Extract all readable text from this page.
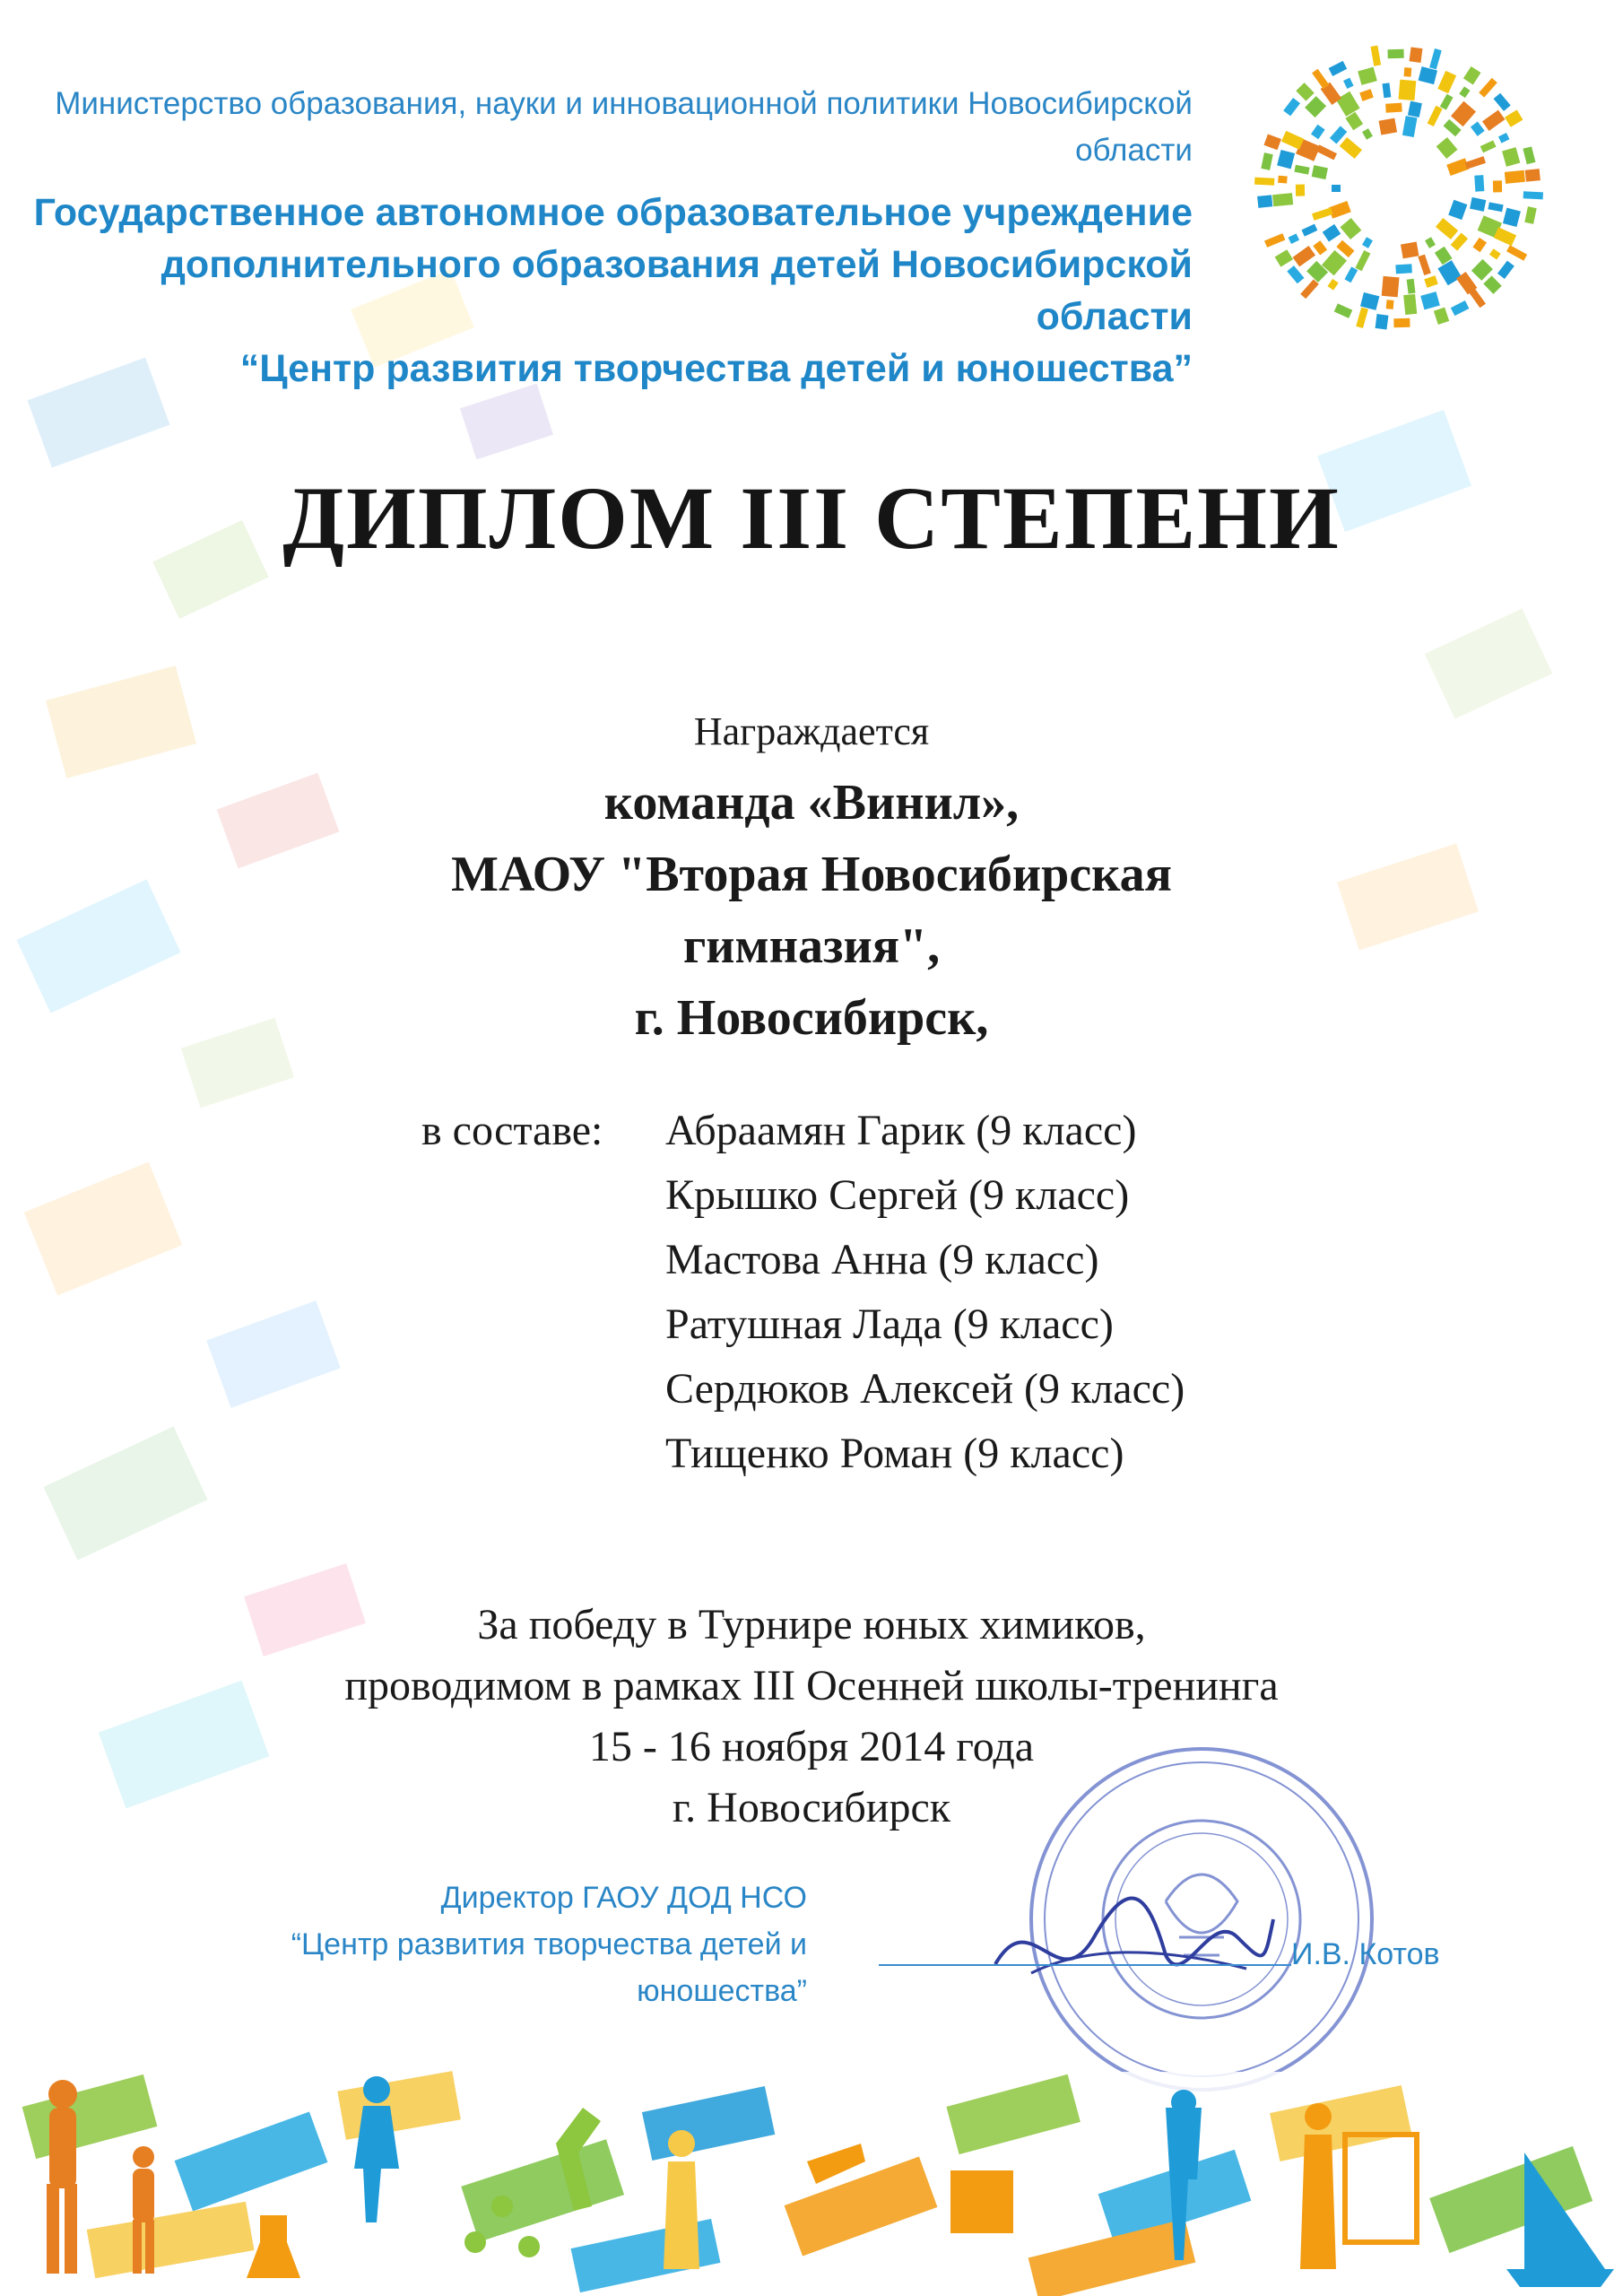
Министерство образования, науки и инновационной политики Новосибирской области
Государственное автономное образовательное учреждение
дополнительного образования детей Новосибирской области
“Центр развития творчества детей и юношества”
ДИПЛОМ III СТЕПЕНИ
Награждается
команда «Винил»,
МАОУ "Вторая Новосибирская
гимназия",
г. Новосибирск,
в составе:	Абраамян Гарик (9 класс)
Крышко Сергей (9 класс)
Мастова Анна (9 класс)
Ратушная Лада (9 класс)
Сердюков Алексей (9 класс)
Тищенко Роман (9 класс)
За победу в Турнире юных химиков,
проводимом в рамках III Осенней школы-тренинга
15 - 16 ноября 2014 года
г. Новосибирск
Директор ГАОУ ДОД НСО
“Центр развития творчества детей и юношества”
И.В. Котов
